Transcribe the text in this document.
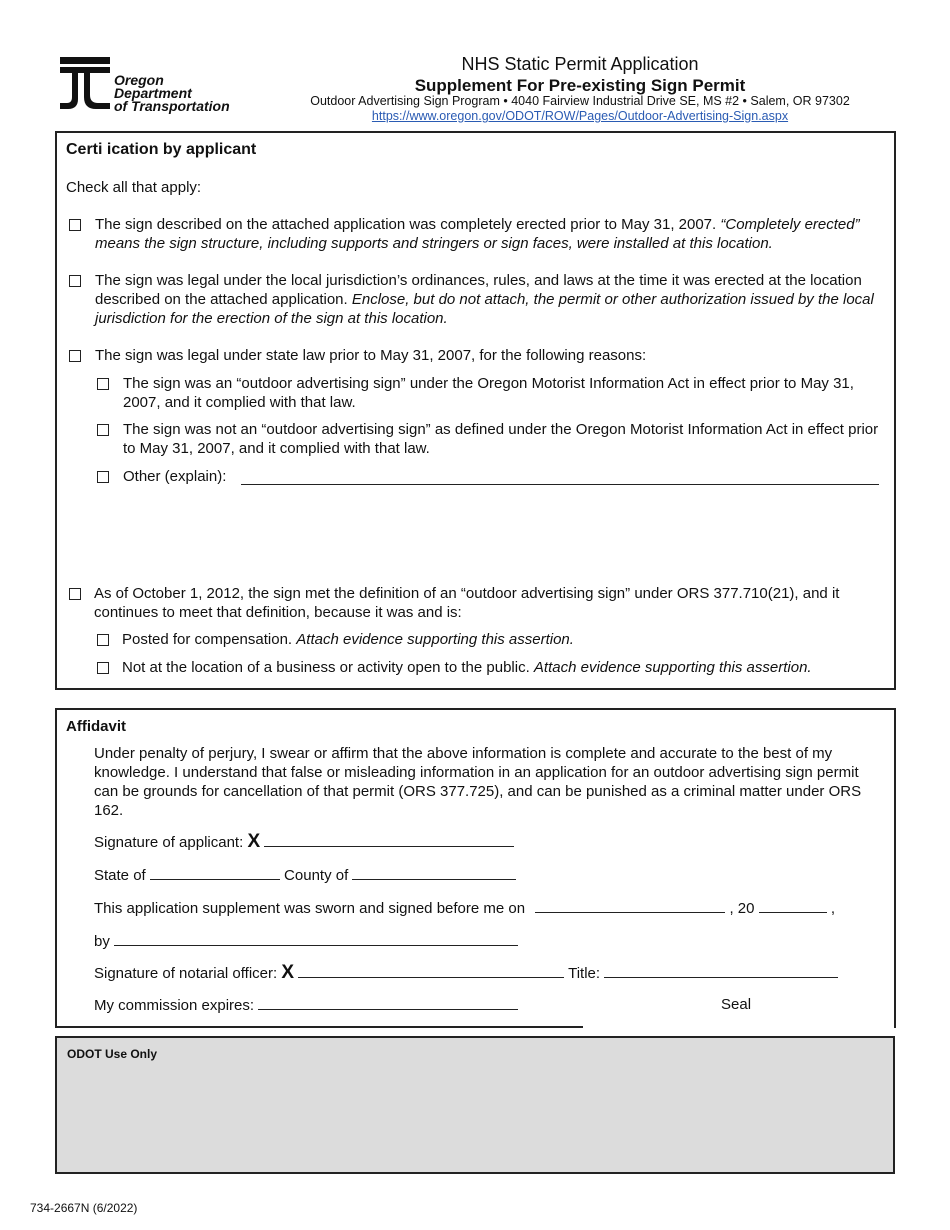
Oregon
Department
of Transportation
NHS Static Permit Application
Supplement For Pre-existing Sign Permit
Outdoor Advertising Sign Program • 4040 Fairview Industrial Drive SE, MS #2 • Salem, OR 97302
https://www.oregon.gov/ODOT/ROW/Pages/Outdoor-Advertising-Sign.aspx
Certi ication by applicant
Check all that apply:
The sign described on the attached application was completely erected prior to May 31, 2007. “Completely erected” means the sign structure, including supports and stringers or sign faces, were installed at this location.
The sign was legal under the local jurisdiction’s ordinances, rules, and laws at the time it was erected at the location described on the attached application. Enclose, but do not attach, the permit or other authorization issued by the local jurisdiction for the erection of the sign at this location.
The sign was legal under state law prior to May 31, 2007, for the following reasons:
The sign was an “outdoor advertising sign” under the Oregon Motorist Information Act in effect prior to May 31, 2007, and it complied with that law.
The sign was not an “outdoor advertising sign” as defined under the Oregon Motorist Information Act in effect prior to May 31, 2007, and it complied with that law.
Other (explain):
As of October 1, 2012, the sign met the definition of an “outdoor advertising sign” under ORS 377.710(21), and it continues to meet that definition, because it was and is:
Posted for compensation. Attach evidence supporting this assertion.
Not at the location of a business or activity open to the public. Attach evidence supporting this assertion.
Affidavit
Under penalty of perjury, I swear or affirm that the above information is complete and accurate to the best of my knowledge. I understand that false or misleading information in an application for an outdoor advertising sign permit can be grounds for cancellation of that permit (ORS 377.725), and can be punished as a criminal matter under ORS 162.
Signature of applicant: X
State of	County of
This application supplement was sworn and signed before me on	, 20	,
by
Signature of notarial officer: X	Title:
My commission expires:	Seal
ODOT Use Only
734-2667N (6/2022)
